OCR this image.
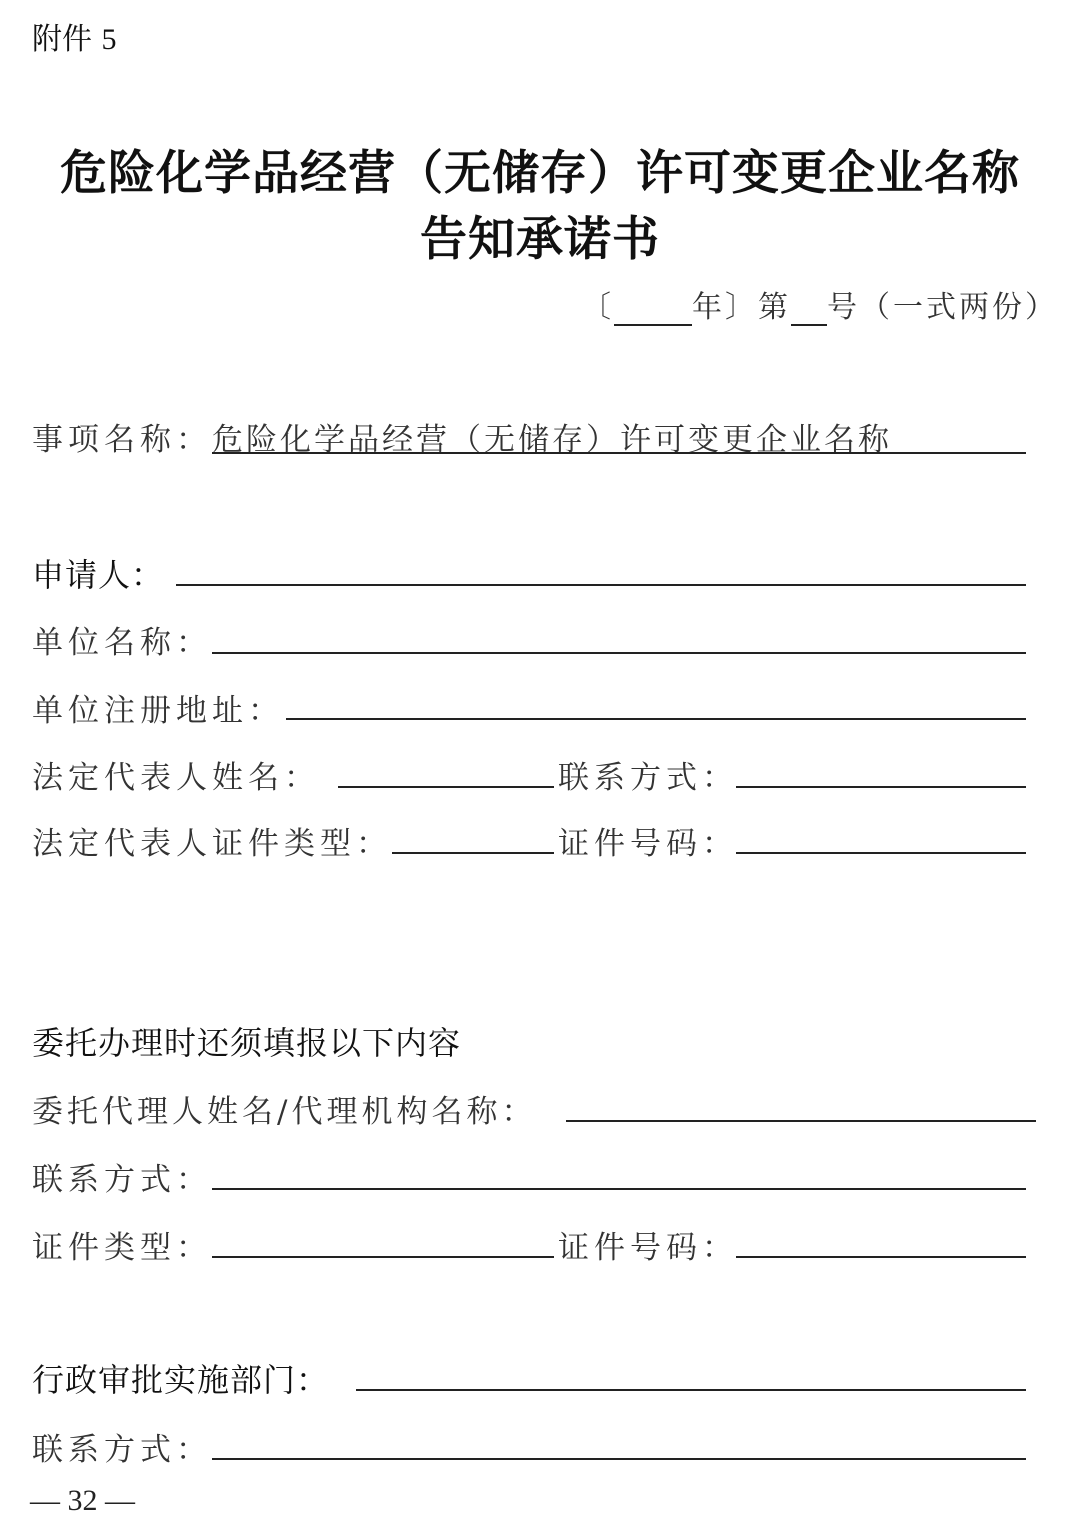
附件 5
危险化学品经营（无储存）许可变更企业名称
告知承诺书
〔	年〕第 号（一式两份）
事项名称： 危险化学品经营（无储存）许可变更企业名称
申请人：
单位名称：
单位注册地址：
法定代表人姓名：	联系方式：
法定代表人证件类型：	证件号码：
委托办理时还须填报以下内容
委托代理人姓名/代理机构名称：
联系方式：
证件类型：	证件号码：
行政审批实施部门：
联系方式：
— 32 —
